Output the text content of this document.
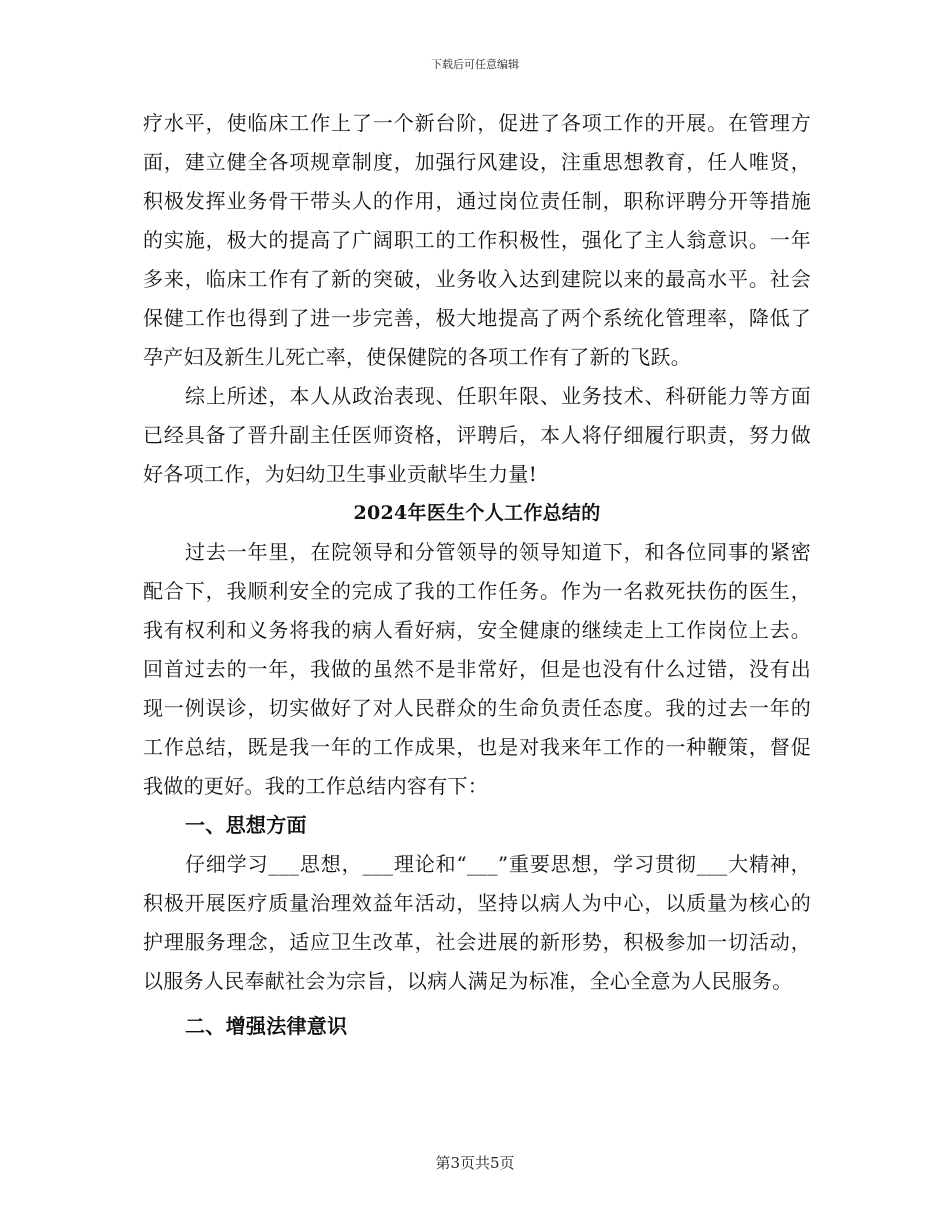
下载后可任意编辑

疗水平，使临床工作上了一个新台阶，促进了各项工作的开展。在管理方面，建立健全各项规章制度，加强行风建设，注重思想教育，任人唯贤，积极发挥业务骨干带头人的作用，通过岗位责任制，职称评聘分开等措施的实施，极大的提高了广阔职工的工作积极性，强化了主人翁意识。一年多来，临床工作有了新的突破，业务收入达到建院以来的最高水平。社会保健工作也得到了进一步完善，极大地提高了两个系统化管理率，降低了孕产妇及新生儿死亡率，使保健院的各项工作有了新的飞跃。

综上所述，本人从政治表现、任职年限、业务技术、科研能力等方面已经具备了晋升副主任医师资格，评聘后，本人将仔细履行职责，努力做好各项工作，为妇幼卫生事业贡献毕生力量!

2024年医生个人工作总结的

过去一年里，在院领导和分管领导的领导知道下，和各位同事的紧密配合下，我顺利安全的完成了我的工作任务。作为一名救死扶伤的医生，我有权利和义务将我的病人看好病，安全健康的继续走上工作岗位上去。回首过去的一年，我做的虽然不是非常好，但是也没有什么过错，没有出现一例误诊，切实做好了对人民群众的生命负责任态度。我的过去一年的工作总结，既是我一年的工作成果，也是对我来年工作的一种鞭策，督促我做的更好。我的工作总结内容有下：

一、思想方面

仔细学习___思想，___理论和“___”重要思想，学习贯彻___大精神，积极开展医疗质量治理效益年活动，坚持以病人为中心，以质量为核心的护理服务理念，适应卫生改革，社会进展的新形势，积极参加一切活动，以服务人民奉献社会为宗旨，以病人满足为标准，全心全意为人民服务。

二、增强法律意识

第3页共5页
